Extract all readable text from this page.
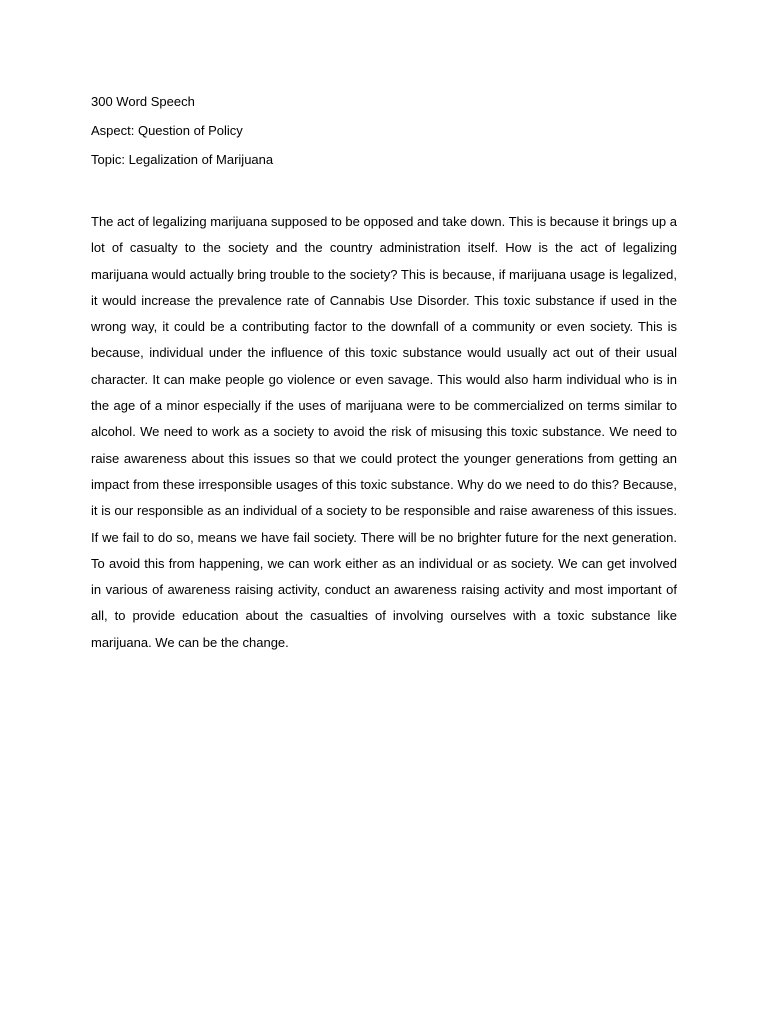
300 Word Speech
Aspect: Question of Policy
Topic: Legalization of Marijuana

The act of legalizing marijuana supposed to be opposed and take down. This is because it brings up a lot of casualty to the society and the country administration itself. How is the act of legalizing marijuana would actually bring trouble to the society? This is because, if marijuana usage is legalized, it would increase the prevalence rate of Cannabis Use Disorder. This toxic substance if used in the wrong way, it could be a contributing factor to the downfall of a community or even society. This is because, individual under the influence of this toxic substance would usually act out of their usual character. It can make people go violence or even savage. This would also harm individual who is in the age of a minor especially if the uses of marijuana were to be commercialized on terms similar to alcohol. We need to work as a society to avoid the risk of misusing this toxic substance. We need to raise awareness about this issues so that we could protect the younger generations from getting an impact from these irresponsible usages of this toxic substance. Why do we need to do this? Because, it is our responsible as an individual of a society to be responsible and raise awareness of this issues. If we fail to do so, means we have fail society. There will be no brighter future for the next generation. To avoid this from happening, we can work either as an individual or as society. We can get involved in various of awareness raising activity, conduct an awareness raising activity and most important of all, to provide education about the casualties of involving ourselves with a toxic substance like marijuana. We can be the change.
